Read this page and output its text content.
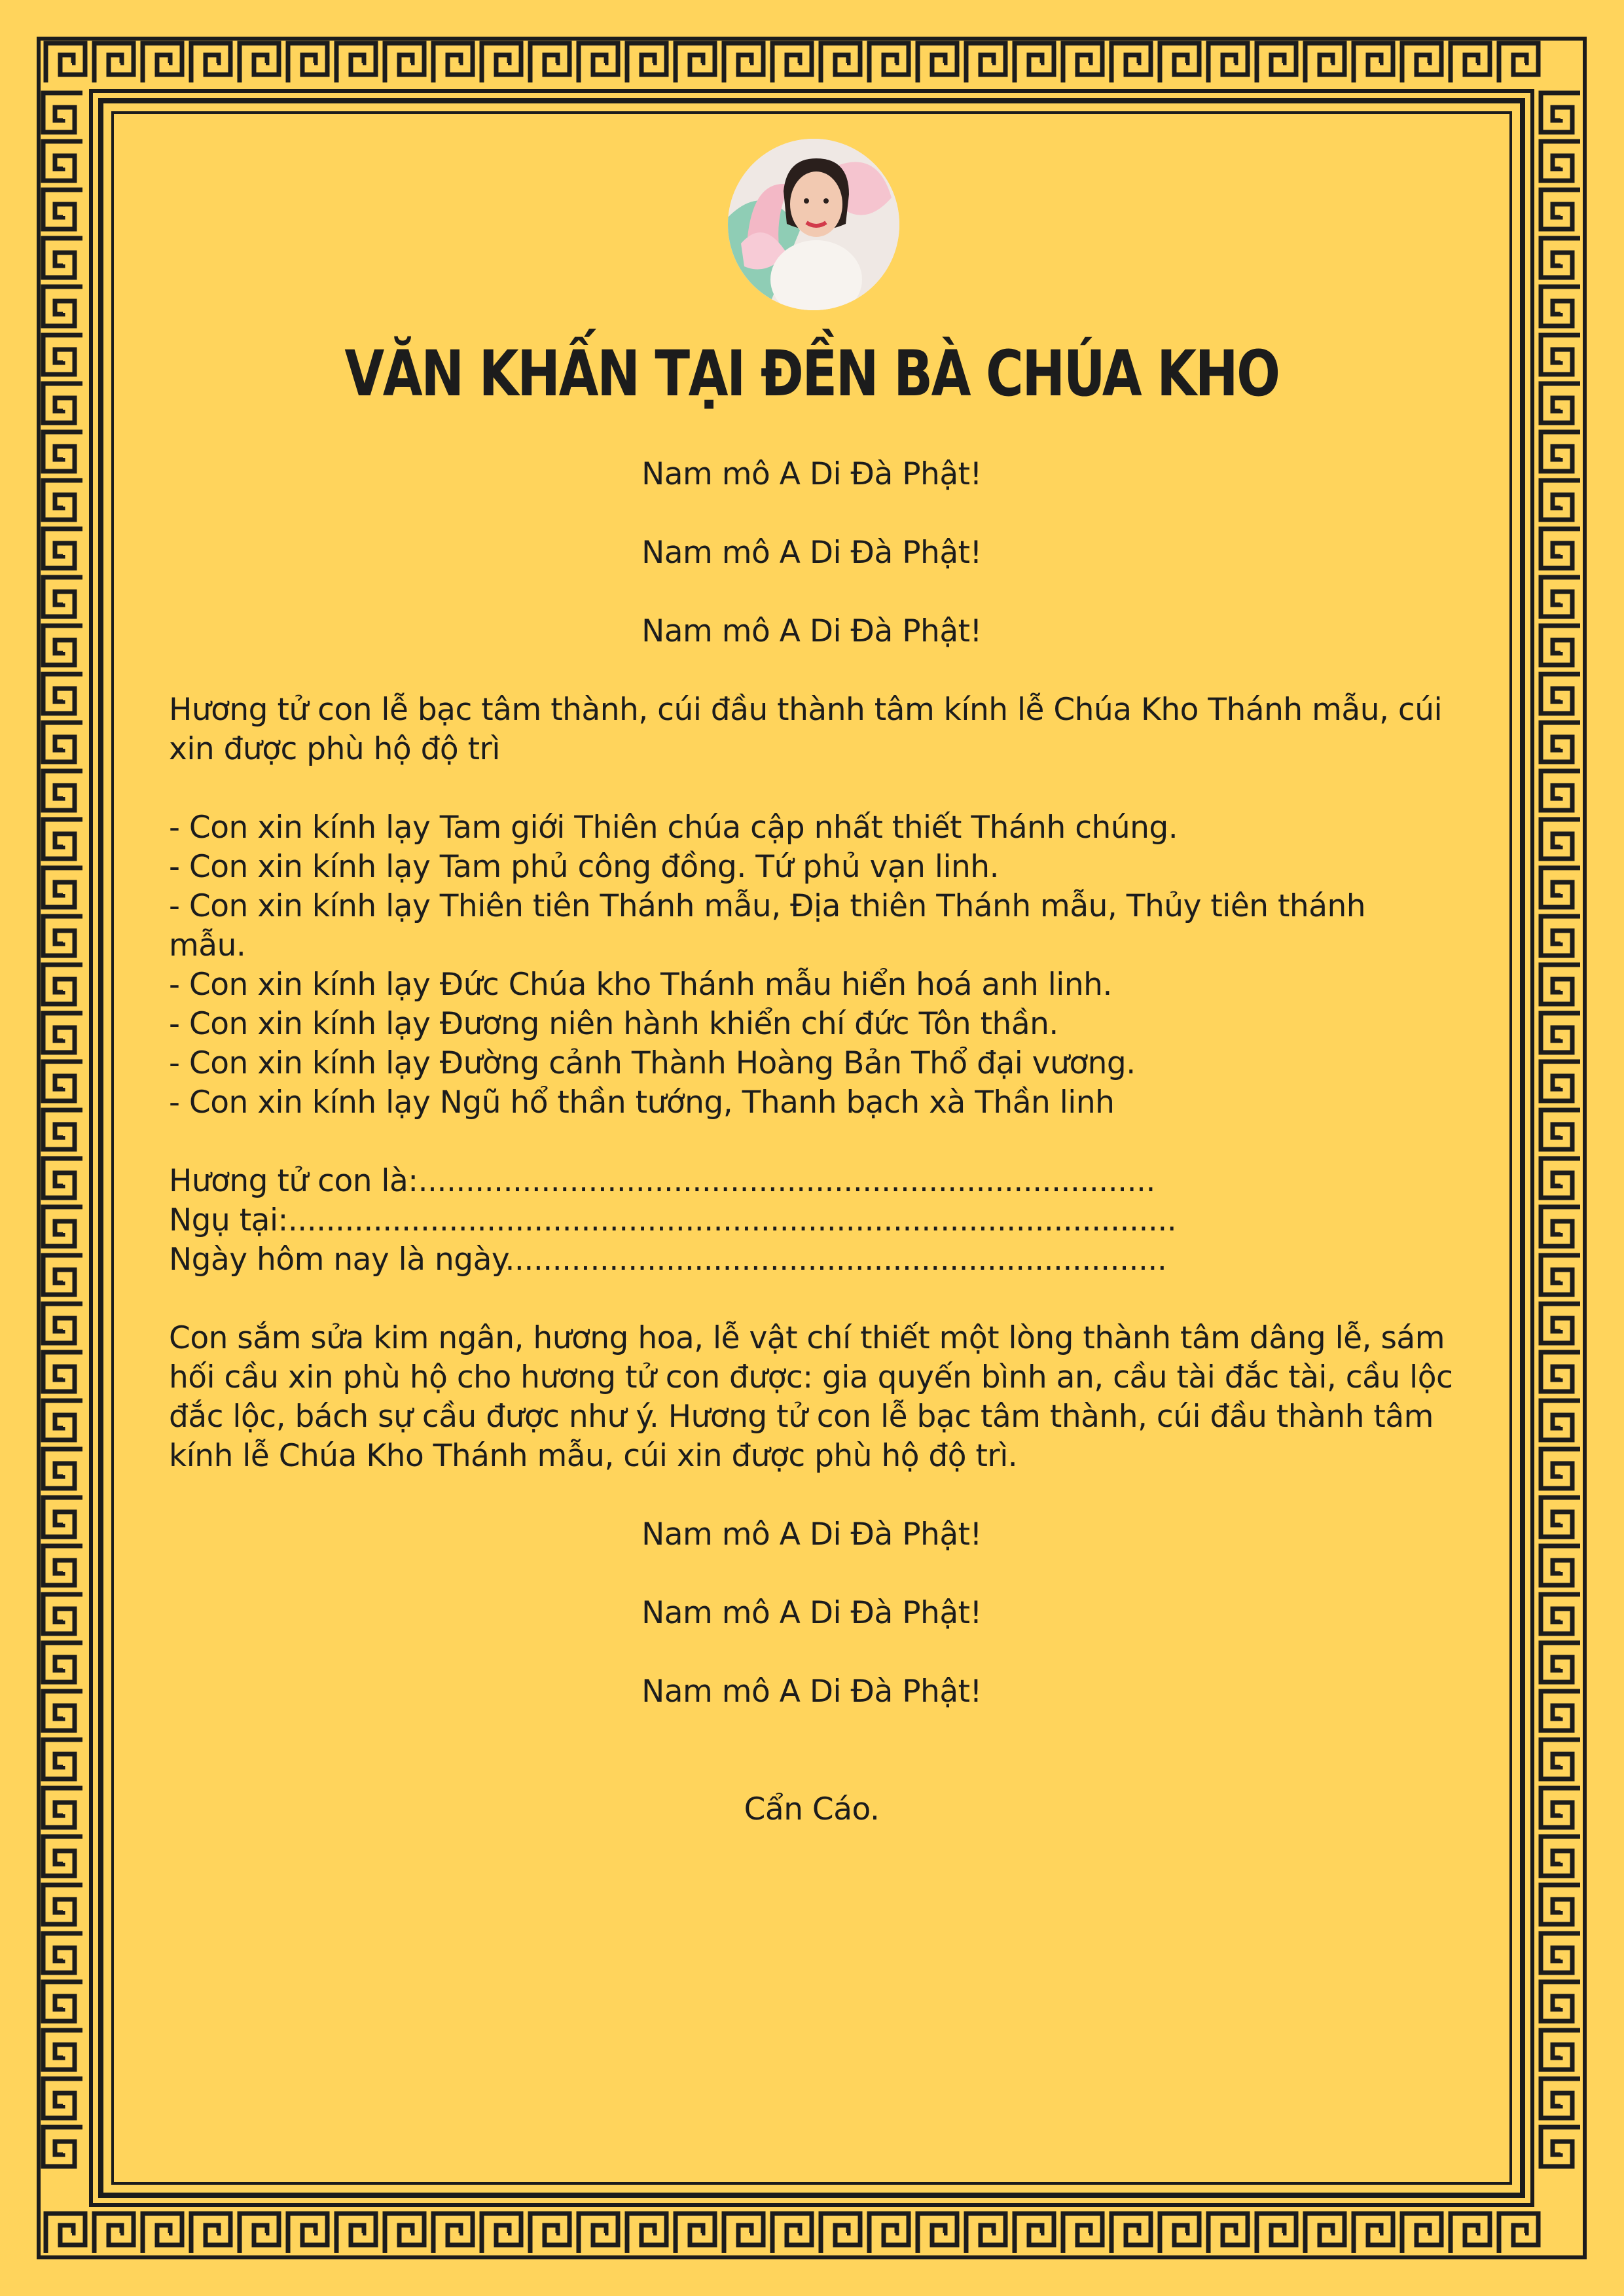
VĂN KHẤN TẠI ĐỀN BÀ CHÚA KHO

Nam mô A Di Đà Phật!

Nam mô A Di Đà Phật!

Nam mô A Di Đà Phật!

Hương tử con lễ bạc tâm thành, cúi đầu thành tâm kính lễ Chúa Kho Thánh mẫu, cúi xin được phù hộ độ trì

- Con xin kính lạy Tam giới Thiên chúa cập nhất thiết Thánh chúng.

- Con xin kính lạy Tam phủ công đồng. Tứ phủ vạn linh.

- Con xin kính lạy Thiên tiên Thánh mẫu, Địa thiên Thánh mẫu, Thủy tiên thánh mẫu.

- Con xin kính lạy Đức Chúa kho Thánh mẫu hiển hoá anh linh.

- Con xin kính lạy Đương niên hành khiển chí đức Tôn thần.

- Con xin kính lạy Đường cảnh Thành Hoàng Bản Thổ đại vương.

- Con xin kính lạy Ngũ hổ thần tướng, Thanh bạch xà Thần linh

Hương tử con là:..............................................................................

Ngụ tại:..............................................................................................

Ngày hôm nay là ngày......................................................................

Con sắm sửa kim ngân, hương hoa, lễ vật chí thiết một lòng thành tâm dâng lễ, sám hối cầu xin phù hộ cho hương tử con được: gia quyến bình an, cầu tài đắc tài, cầu lộc đắc lộc, bách sự cầu được như ý. Hương tử con lễ bạc tâm thành, cúi đầu thành tâm kính lễ Chúa Kho Thánh mẫu, cúi xin được phù hộ độ trì.

Nam mô A Di Đà Phật!

Nam mô A Di Đà Phật!

Nam mô A Di Đà Phật!

Cẩn Cáo.
